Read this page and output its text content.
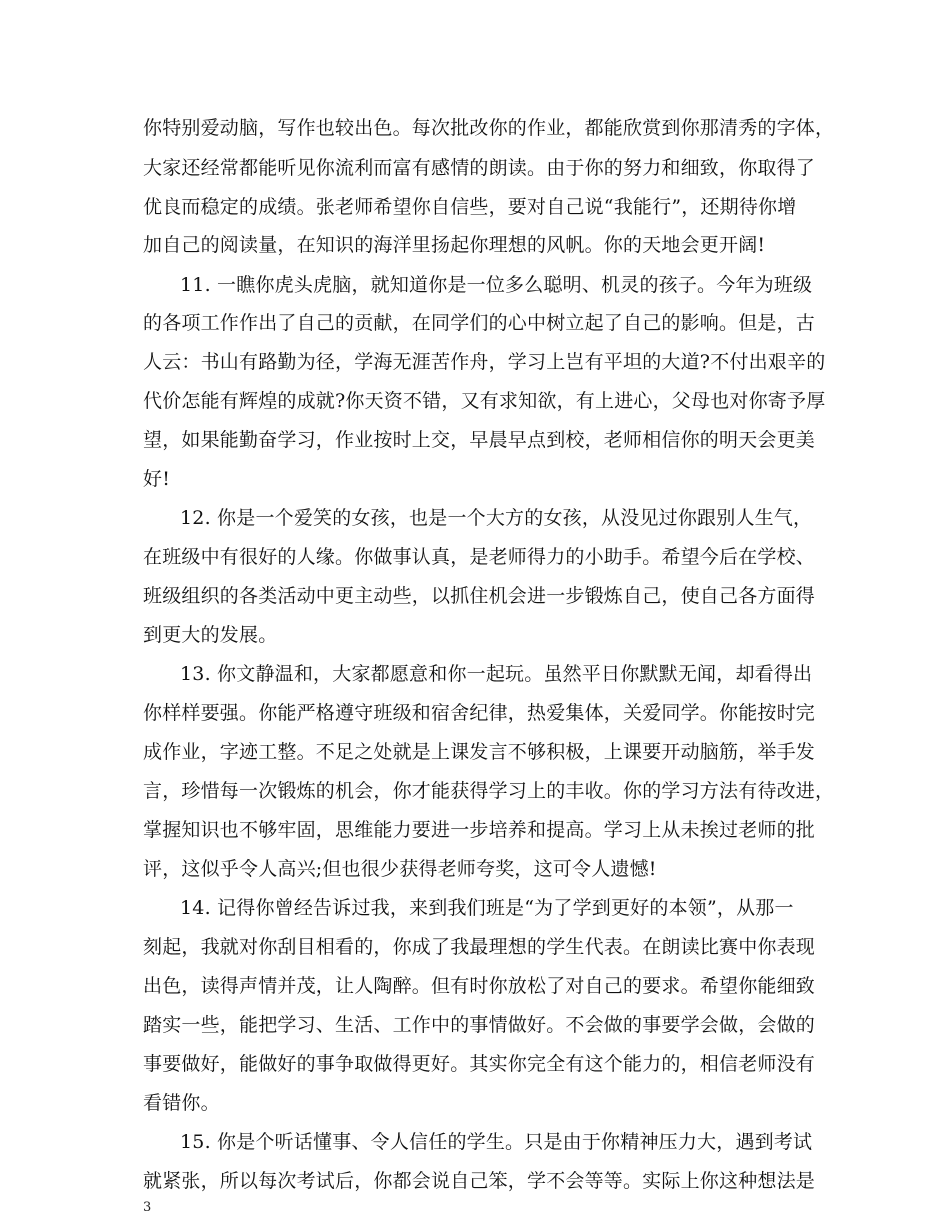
你特别爱动脑，写作也较出色。每次批改你的作业，都能欣赏到你那清秀的字体，
大家还经常都能听见你流利而富有感情的朗读。由于你的努力和细致，你取得了
优良而稳定的成绩。张老师希望你自信些，要对自己说“我能行”，还期待你增
加自己的阅读量，在知识的海洋里扬起你理想的风帆。你的天地会更开阔!
11. 一瞧你虎头虎脑，就知道你是一位多么聪明、机灵的孩子。今年为班级
的各项工作作出了自己的贡献，在同学们的心中树立起了自己的影响。但是，古
人云：书山有路勤为径，学海无涯苦作舟，学习上岂有平坦的大道?不付出艰辛的
代价怎能有辉煌的成就?你天资不错，又有求知欲，有上进心，父母也对你寄予厚
望，如果能勤奋学习，作业按时上交，早晨早点到校，老师相信你的明天会更美
好!
12. 你是一个爱笑的女孩，也是一个大方的女孩，从没见过你跟别人生气，
在班级中有很好的人缘。你做事认真，是老师得力的小助手。希望今后在学校、
班级组织的各类活动中更主动些，以抓住机会进一步锻炼自己，使自己各方面得
到更大的发展。
13. 你文静温和，大家都愿意和你一起玩。虽然平日你默默无闻，却看得出
你样样要强。你能严格遵守班级和宿舍纪律，热爱集体，关爱同学。你能按时完
成作业，字迹工整。不足之处就是上课发言不够积极，上课要开动脑筋，举手发
言，珍惜每一次锻炼的机会，你才能获得学习上的丰收。你的学习方法有待改进，
掌握知识也不够牢固，思维能力要进一步培养和提高。学习上从未挨过老师的批
评，这似乎令人高兴;但也很少获得老师夸奖，这可令人遗憾!
14. 记得你曾经告诉过我，来到我们班是“为了学到更好的本领”，从那一
刻起，我就对你刮目相看的，你成了我最理想的学生代表。在朗读比赛中你表现
出色，读得声情并茂，让人陶醉。但有时你放松了对自己的要求。希望你能细致
踏实一些，能把学习、生活、工作中的事情做好。不会做的事要学会做，会做的
事要做好，能做好的事争取做得更好。其实你完全有这个能力的，相信老师没有
看错你。
15. 你是个听话懂事、令人信任的学生。只是由于你精神压力大，遇到考试
就紧张，所以每次考试后，你都会说自己笨，学不会等等。实际上你这种想法是
3
